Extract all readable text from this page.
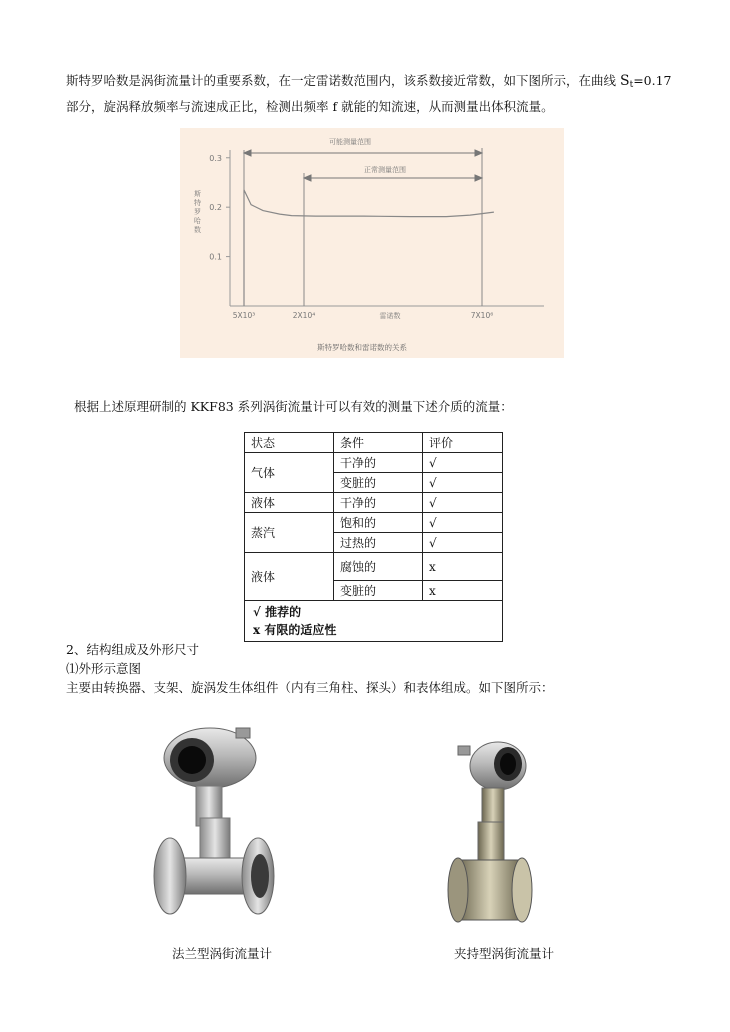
斯特罗哈数是涡街流量计的重要系数，在一定雷诺数范围内，该系数接近常数，如下图所示，在曲线 $S_t=0.17$
部分，旋涡释放频率与流速成正比，检测出频率 f 就能的知流速，从而测量出体积流量。

0.1
0.2
0.3
5X10³	2X10⁴	7X10⁶
可能测量范围
正常测量范围
斯特罗哈数
雷诺数
斯特罗哈数和雷诺数的关系

根据上述原理研制的 KKF83 系列涡街流量计可以有效的测量下述介质的流量：

状态	条件	评价
气体	干净的	√
	变脏的	√
液体	干净的	√
蒸汽	饱和的	√
	过热的	√
液体	腐蚀的	x
	变脏的	x

√ 推荐的
x 有限的适应性		

2、结构组成及外形尺寸
⑴外形示意图
主要由转换器、支架、旋涡发生体组件（内有三角柱、探头）和表体组成。如下图所示：

法兰型涡街流量计	夹持型涡街流量计
